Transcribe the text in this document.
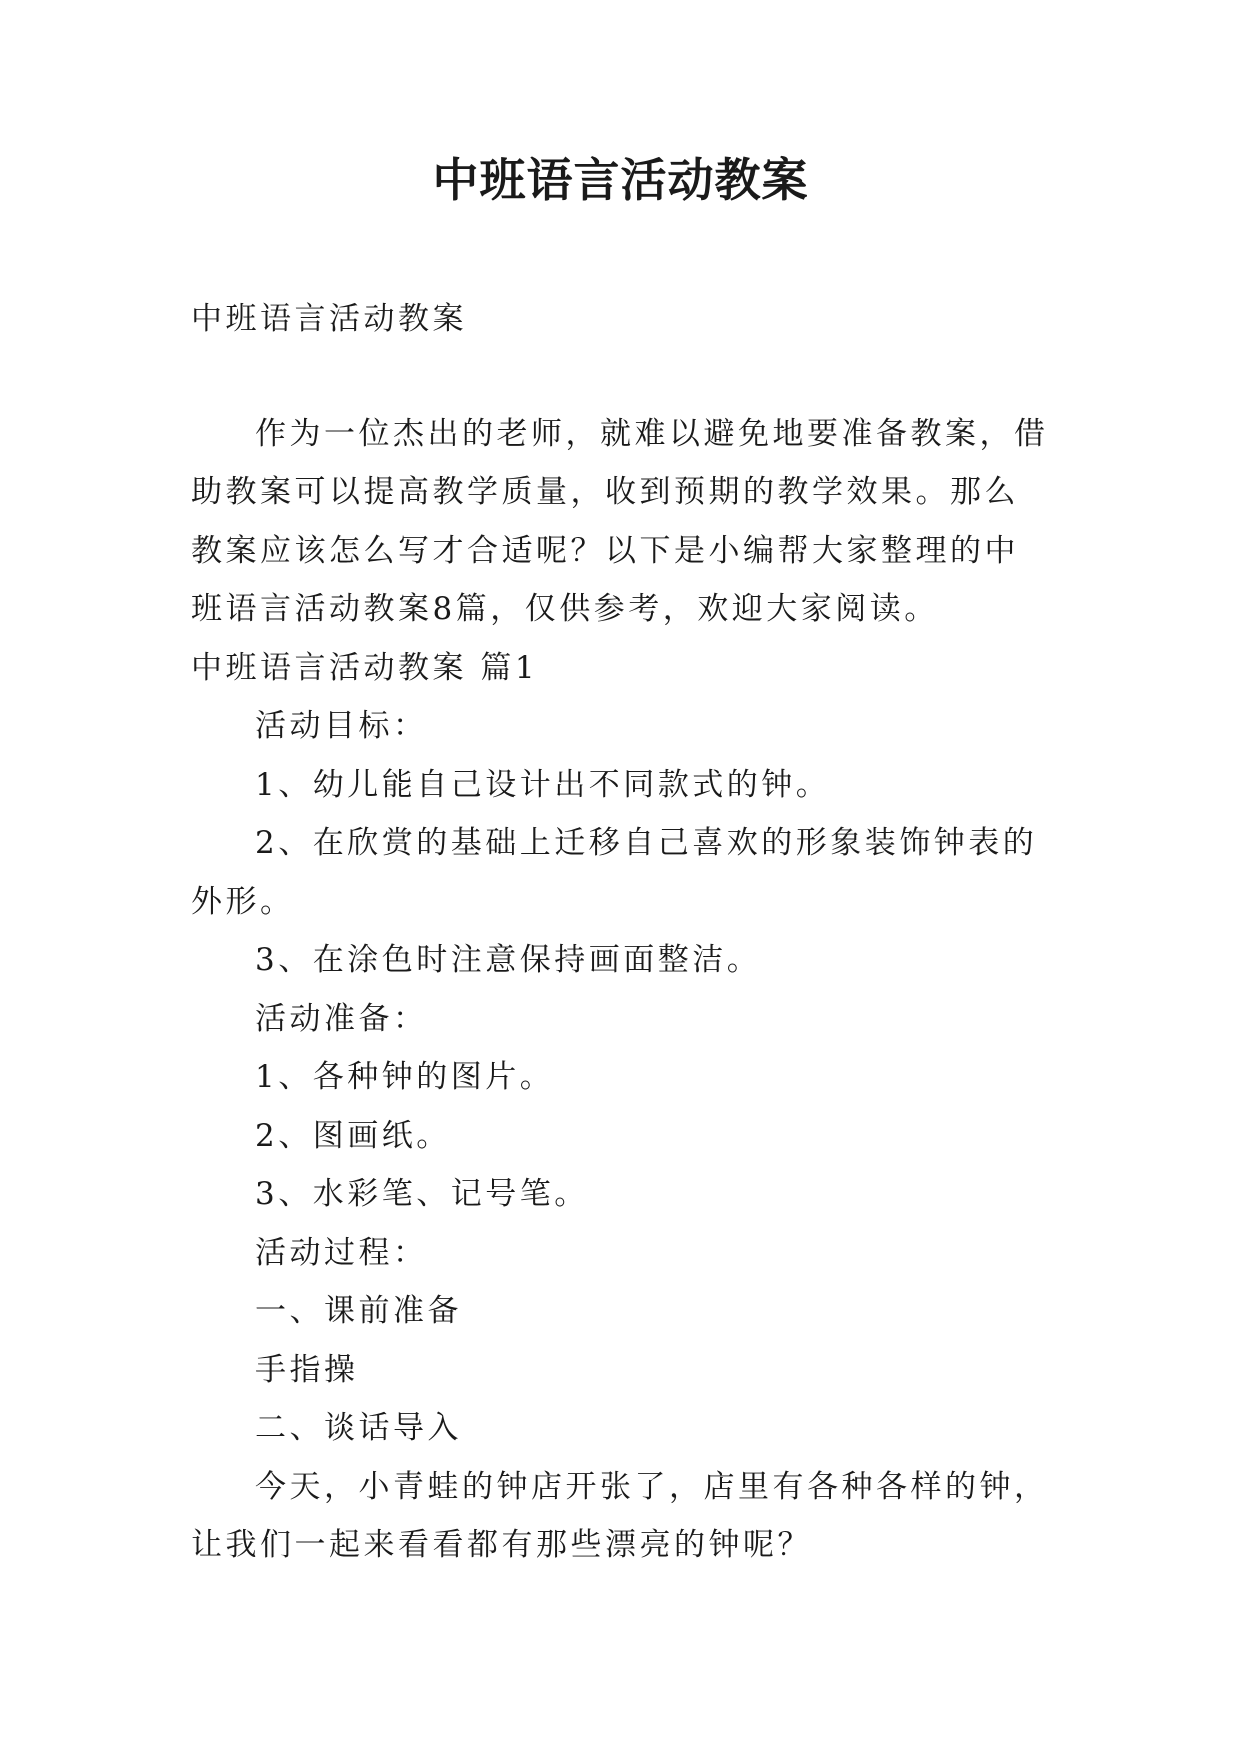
中班语言活动教案

中班语言活动教案

作为一位杰出的老师，就难以避免地要准备教案，借助教案可以提高教学质量，收到预期的教学效果。那么教案应该怎么写才合适呢？以下是小编帮大家整理的中班语言活动教案8篇，仅供参考，欢迎大家阅读。

中班语言活动教案 篇1

活动目标：

1、幼儿能自己设计出不同款式的钟。

2、在欣赏的基础上迁移自己喜欢的形象装饰钟表的外形。

3、在涂色时注意保持画面整洁。

活动准备：

1、各种钟的图片。

2、图画纸。

3、水彩笔、记号笔。

活动过程：

一、课前准备

手指操

二、谈话导入

今天，小青蛙的钟店开张了，店里有各种各样的钟，让我们一起来看看都有那些漂亮的钟呢？
